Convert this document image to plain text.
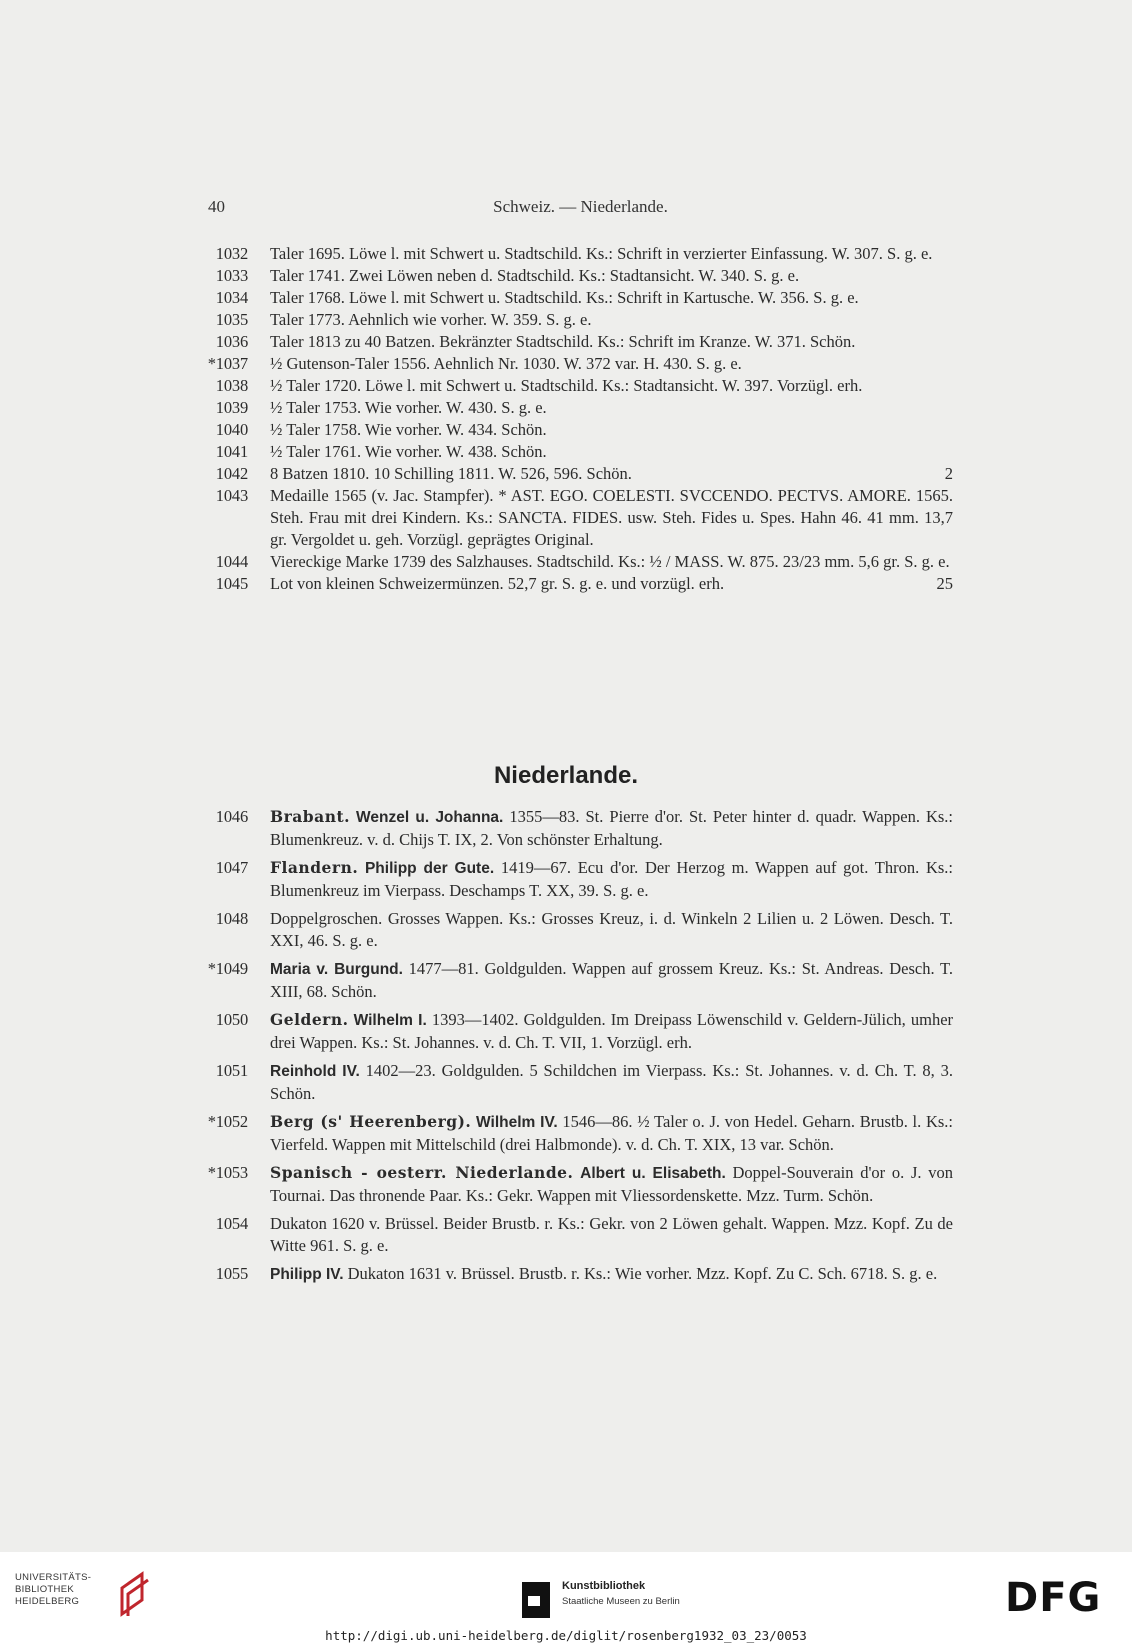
40	Schweiz. — Niederlande.
1032	Taler 1695. Löwe l. mit Schwert u. Stadtschild. Ks.: Schrift in verzierter Einfassung. W. 307. S. g. e.
1033	Taler 1741. Zwei Löwen neben d. Stadtschild. Ks.: Stadtansicht. W. 340. S. g. e.
1034	Taler 1768. Löwe l. mit Schwert u. Stadtschild. Ks.: Schrift in Kartusche. W. 356. S. g. e.
1035	Taler 1773. Aehnlich wie vorher. W. 359. S. g. e.
1036	Taler 1813 zu 40 Batzen. Bekränzter Stadtschild. Ks.: Schrift im Kranze. W. 371. Schön.
*1037	½ Gutenson-Taler 1556. Aehnlich Nr. 1030. W. 372 var. H. 430. S. g. e.
1038	½ Taler 1720. Löwe l. mit Schwert u. Stadtschild. Ks.: Stadtansicht. W. 397. Vorzügl. erh.
1039	½ Taler 1753. Wie vorher. W. 430. S. g. e.
1040	½ Taler 1758. Wie vorher. W. 434. Schön.
1041	½ Taler 1761. Wie vorher. W. 438. Schön.
1042	8 Batzen 1810. 10 Schilling 1811. W. 526, 596. Schön.	2
1043	Medaille 1565 (v. Jac. Stampfer). * AST. EGO. COELESTI. SVCCENDO. PECTVS. AMORE. 1565. Steh. Frau mit drei Kindern. Ks.: SANCTA. FIDES. usw. Steh. Fides u. Spes. Hahn 46. 41 mm. 13,7 gr. Vergoldet u. geh. Vorzügl. geprägtes Original.
1044	Viereckige Marke 1739 des Salzhauses. Stadtschild. Ks.: ½ / MASS. W. 875. 23/23 mm. 5,6 gr. S. g. e.
1045	Lot von kleinen Schweizermünzen. 52,7 gr. S. g. e. und vorzügl. erh.	25
Niederlande.
1046	Brabant. Wenzel u. Johanna. 1355—83. St. Pierre d'or. St. Peter hinter d. quadr. Wappen. Ks.: Blumenkreuz. v. d. Chijs T. IX, 2. Von schönster Erhaltung.
1047	Flandern. Philipp der Gute. 1419—67. Ecu d'or. Der Herzog m. Wappen auf got. Thron. Ks.: Blumenkreuz im Vierpass. Deschamps T. XX, 39. S. g. e.
1048	Doppelgroschen. Grosses Wappen. Ks.: Grosses Kreuz, i. d. Winkeln 2 Lilien u. 2 Löwen. Desch. T. XXI, 46. S. g. e.
*1049	Maria v. Burgund. 1477—81. Goldgulden. Wappen auf grossem Kreuz. Ks.: St. Andreas. Desch. T. XIII, 68. Schön.
1050	Geldern. Wilhelm I. 1393—1402. Goldgulden. Im Dreipass Löwenschild v. Geldern-Jülich, umher drei Wappen. Ks.: St. Johannes. v. d. Ch. T. VII, 1. Vorzügl. erh.
1051	Reinhold IV. 1402—23. Goldgulden. 5 Schildchen im Vierpass. Ks.: St. Johannes. v. d. Ch. T. 8, 3. Schön.
*1052	Berg (s' Heerenberg). Wilhelm IV. 1546—86. ½ Taler o. J. von Hedel. Geharn. Brustb. l. Ks.: Vierfeld. Wappen mit Mittelschild (drei Halbmonde). v. d. Ch. T. XIX, 13 var. Schön.
*1053	Spanisch - oesterr. Niederlande. Albert u. Elisabeth. Doppel-Souverain d'or o. J. von Tournai. Das thronende Paar. Ks.: Gekr. Wappen mit Vliessordenskette. Mzz. Turm. Schön.
1054	Dukaton 1620 v. Brüssel. Beider Brustb. r. Ks.: Gekr. von 2 Löwen gehalt. Wappen. Mzz. Kopf. Zu de Witte 961. S. g. e.
1055	Philipp IV. Dukaton 1631 v. Brüssel. Brustb. r. Ks.: Wie vorher. Mzz. Kopf. Zu C. Sch. 6718. S. g. e.
UNIVERSITÄTS-
BIBLIOTHEK
HEIDELBERG
Kunstbibliothek
Staatliche Museen zu Berlin	DFG
http://digi.ub.uni-heidelberg.de/diglit/rosenberg1932_03_23/0053
